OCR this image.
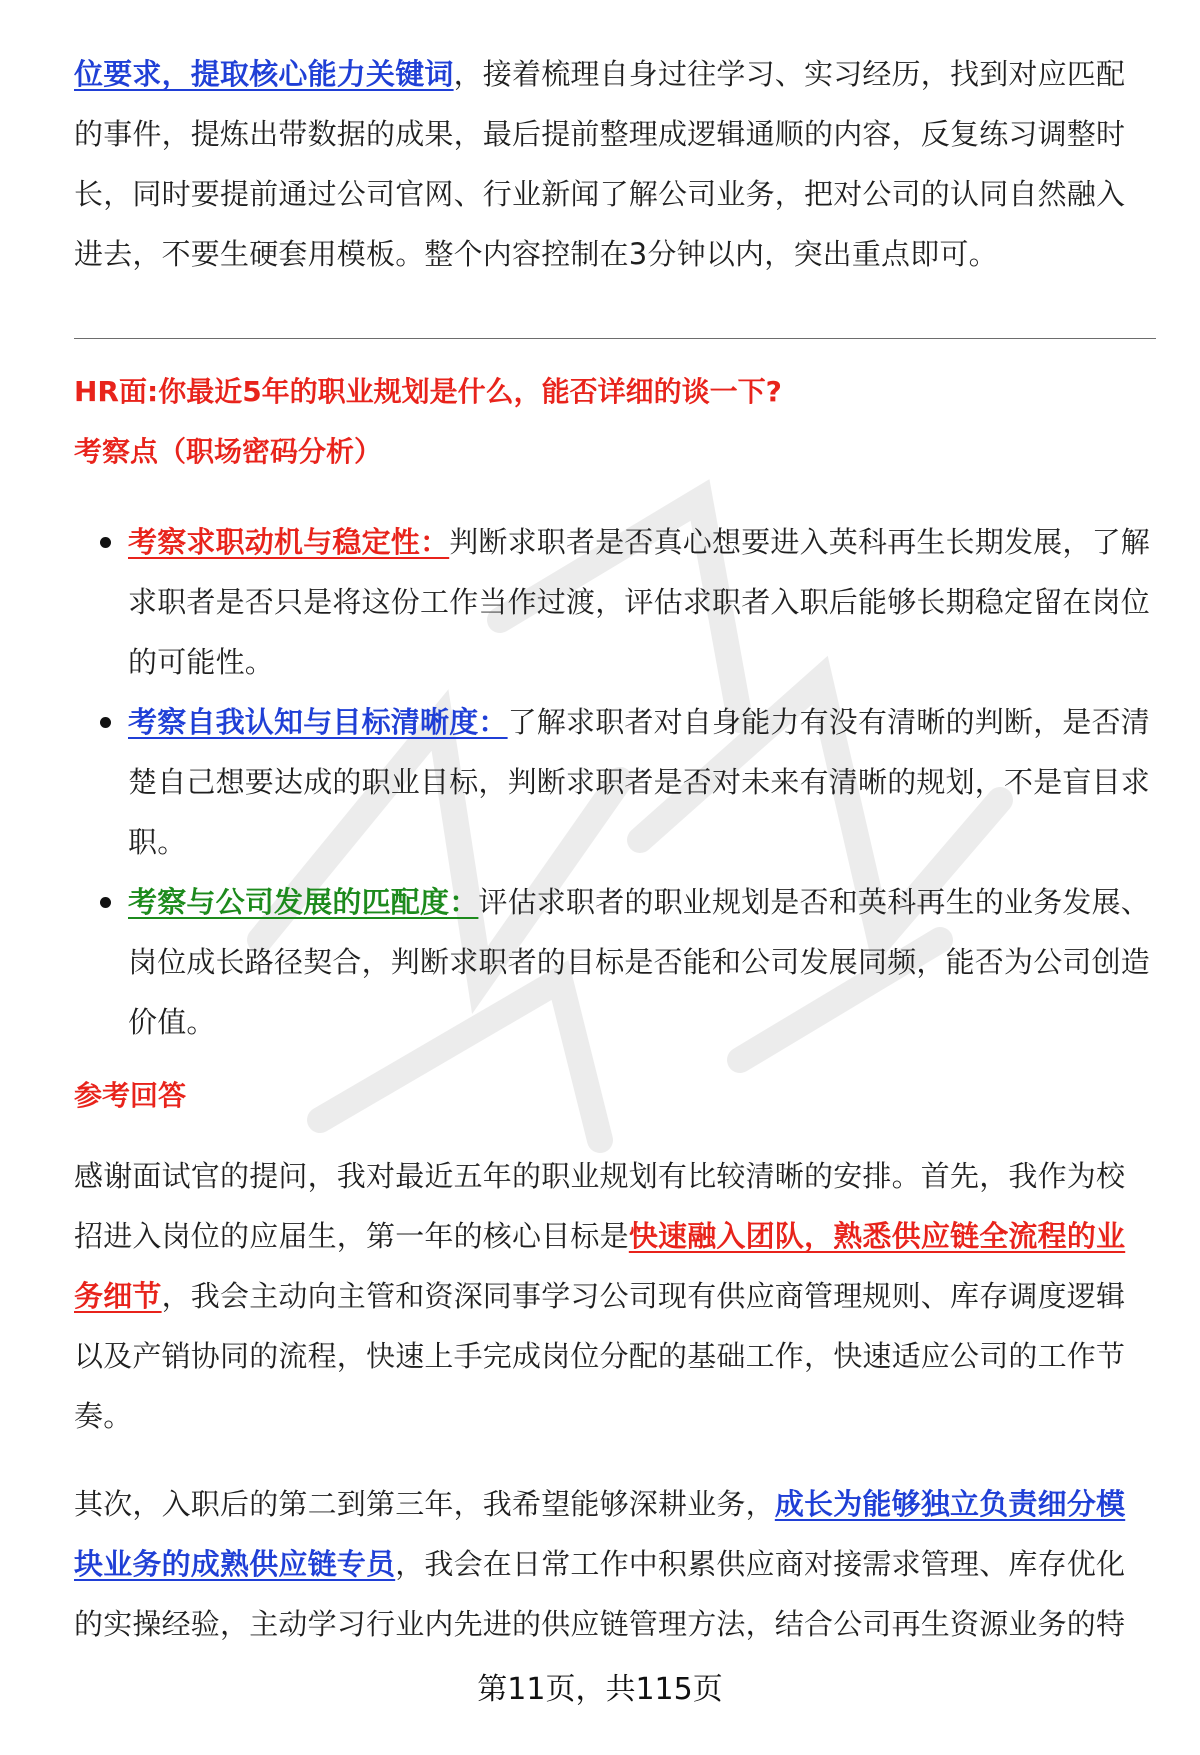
位要求，提取核心能力关键词，接着梳理自身过往学习、实习经历，找到对应匹配的事件，提炼出带数据的成果，最后提前整理成逻辑通顺的内容，反复练习调整时长，同时要提前通过公司官网、行业新闻了解公司业务，把对公司的认同自然融入进去，不要生硬套用模板。整个内容控制在3分钟以内，突出重点即可。

HR面:你最近5年的职业规划是什么，能否详细的谈一下?
考察点（职场密码分析）
考察求职动机与稳定性：判断求职者是否真心想要进入英科再生长期发展，了解求职者是否只是将这份工作当作过渡，评估求职者入职后能够长期稳定留在岗位的可能性。
考察自我认知与目标清晰度：了解求职者对自身能力有没有清晰的判断，是否清楚自己想要达成的职业目标，判断求职者是否对未来有清晰的规划，不是盲目求职。
考察与公司发展的匹配度：评估求职者的职业规划是否和英科再生的业务发展、岗位成长路径契合，判断求职者的目标是否能和公司发展同频，能否为公司创造价值。
参考回答

感谢面试官的提问，我对最近五年的职业规划有比较清晰的安排。首先，我作为校招进入岗位的应届生，第一年的核心目标是快速融入团队，熟悉供应链全流程的业务细节，我会主动向主管和资深同事学习公司现有供应商管理规则、库存调度逻辑以及产销协同的流程，快速上手完成岗位分配的基础工作，快速适应公司的工作节奏。

其次，入职后的第二到第三年，我希望能够深耕业务，成长为能够独立负责细分模块业务的成熟供应链专员，我会在日常工作中积累供应商对接需求管理、库存优化的实操经验，主动学习行业内先进的供应链管理方法，结合公司再生资源业务的特

第11页，共115页
